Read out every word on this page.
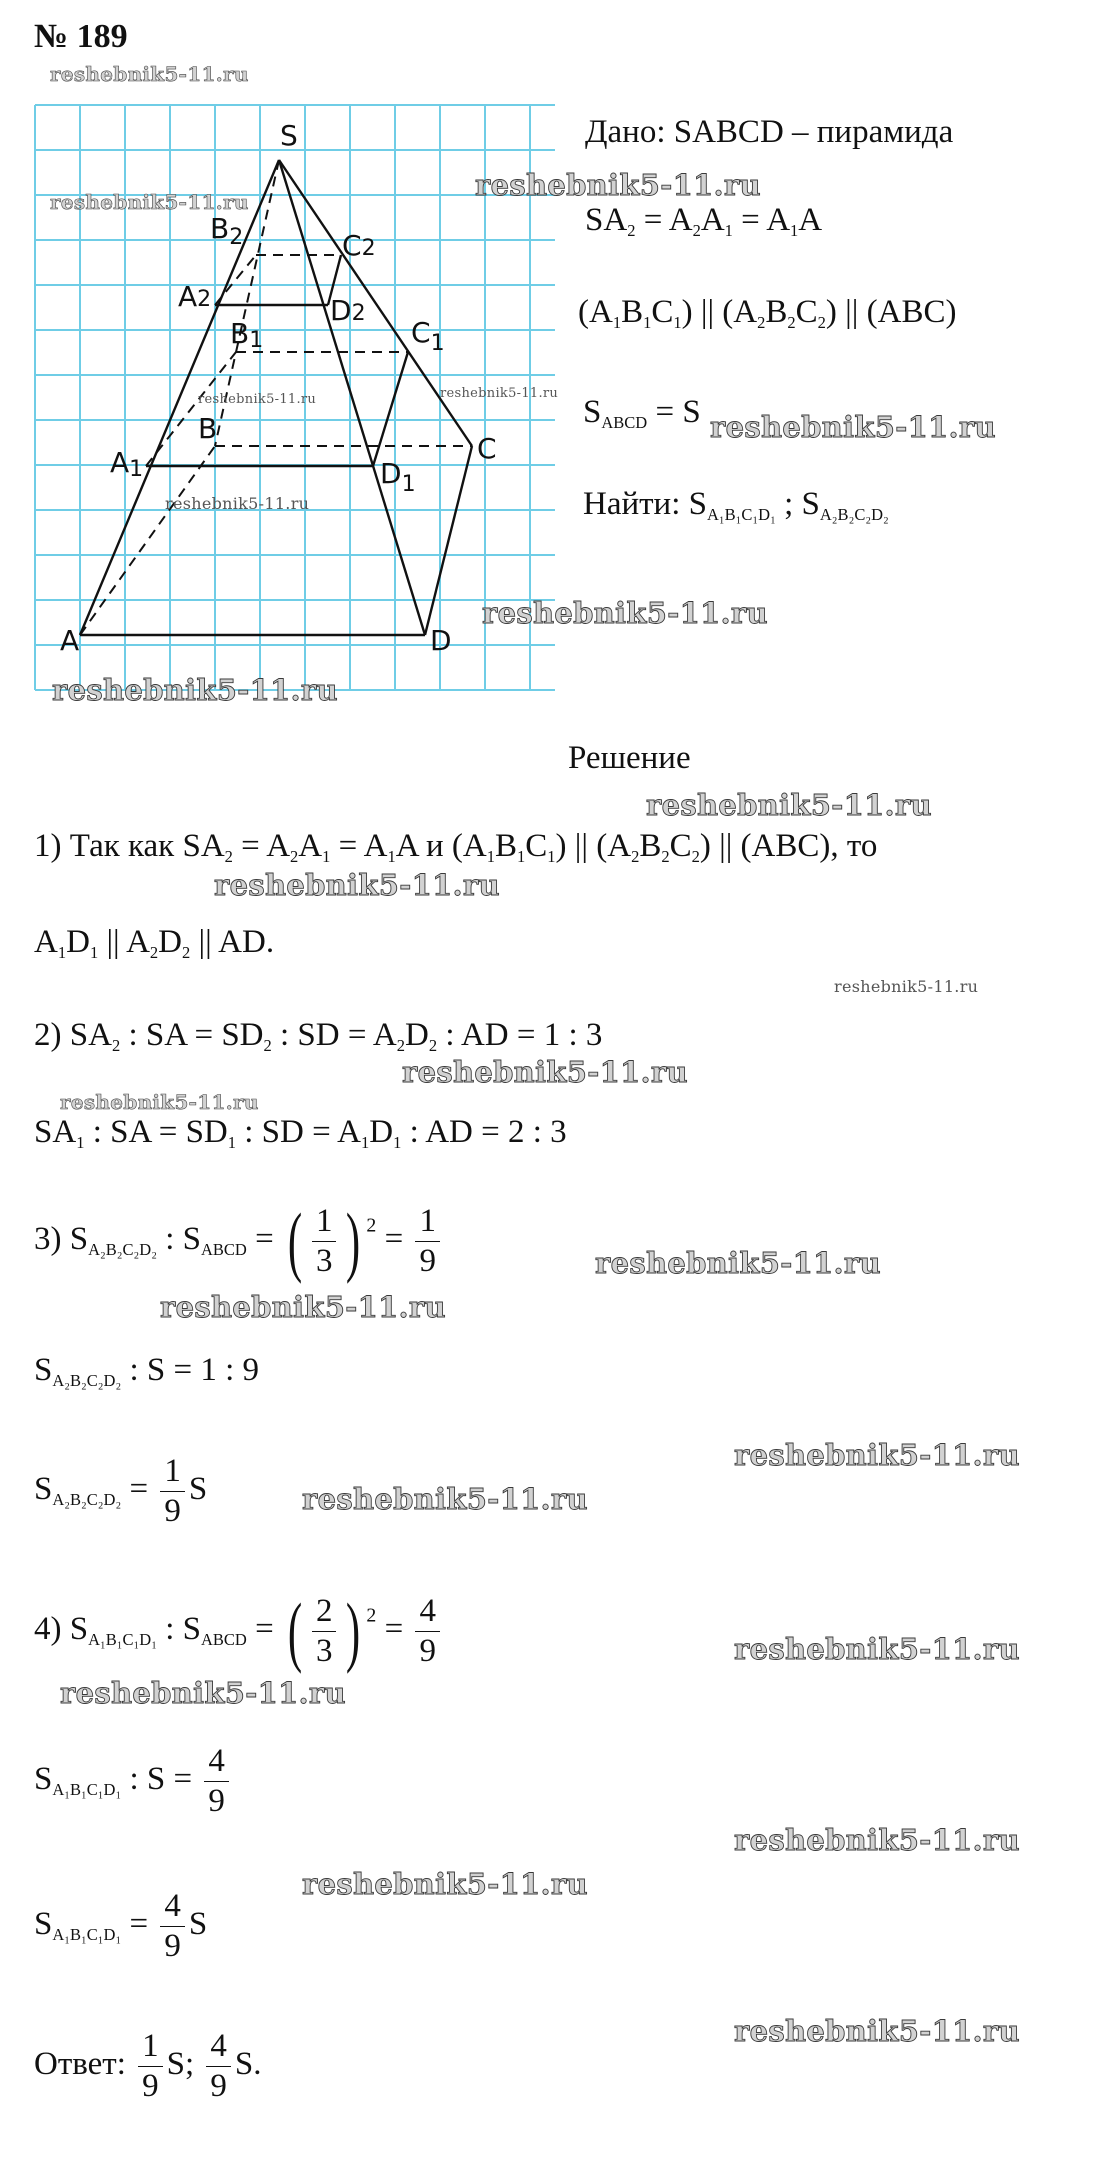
№ 189
S
A	D
C
B
A1
B1	$C_1$
$D_1$
A2
$B_2$	C2
D2
Дано: SABCD – пирамида
$SA_2 = A_2A_1 = A_1A$
$(A_1B_1C_1)$ || $(A_2B_2C_2)$ || (ABC)
$S_{ABCD} = S$
Найти: $S_{A_1B_1C_1D_1}$ ; $S_{A_2B_2C_2D_2}$
Решение
1) Так как $SA_2 = A_2A_1 = A_1A$ и $(A_1B_1C_1)$ || $(A_2B_2C_2)$ || (ABC), то
$A_1D_1$ || $A_2D_2$ || AD.
2) $SA_2$ : SA = $SD_2$ : SD = $A_2D_2$ : AD = 1 : 3
$SA_1$ : SA = $SD_1$ : SD = $A_1D_1$ : AD = 2 : 3
3) $S_{A_2B_2C_2D_2}$ : $S_{ABCD}$ = ( $\frac{1}{3}$ ) $^2 = \frac{1}{9}$
$S_{A_2B_2C_2D_2}$ : S = 1 : 9
$S_{A_2B_2C_2D_2} = \frac{1}{9}$ S
4) $S_{A_1B_1C_1D_1}$ : $S_{ABCD}$ = ( $\frac{2}{3}$ ) $^2 = \frac{4}{9}$
$S_{A_1B_1C_1D_1}$ : $S = \frac{4}{9}$
$S_{A_1B_1C_1D_1} = \frac{4}{9}$ S
Ответ: $\frac{1}{9} S$; $\frac{4}{9} S$.
reshebnik5-11.ru
reshebnik5-11.ru	reshebnik5-11.ru
reshebnik5-11.ru	reshebnik5-11.ru
reshebnik5-11.ru
reshebnik5-11.ru
reshebnik5-11.ru
reshebnik5-11.ru
reshebnik5-11.ru
reshebnik5-11.ru
reshebnik5-11.ru
reshebnik5-11.ru
reshebnik5-11.ru
reshebnik5-11.ru
reshebnik5-11.ru
reshebnik5-11.ru
reshebnik5-11.ru
reshebnik5-11.ru
reshebnik5-11.ru
reshebnik5-11.ru
reshebnik5-11.ru
reshebnik5-11.ru
